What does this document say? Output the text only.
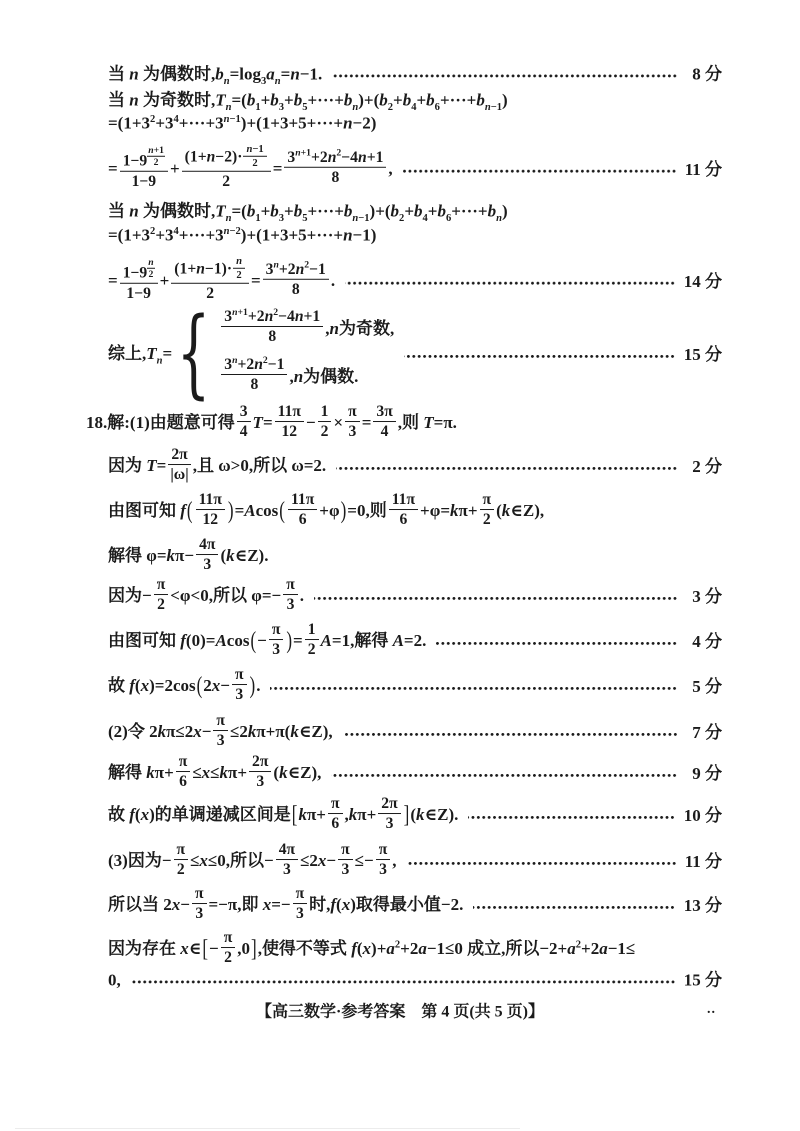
当 n 为偶数时$,b_n=\log_3a_n=n-1$.	8 分
当 n 为奇数时$,T_n=(b_1+b_3+b_5+\cdot\cdot\cdot+b_n)+(b_2+b_4+b_6+\cdot\cdot\cdot+b_{n-1})$
$=(1+3^2+3^4+\cdot\cdot\cdot+3^{n-1})+(1+3+5+\cdot\cdot\cdot+n-2)$
= 1−9 $^{\frac{n+1}{2}}$
$1-9 + \frac{(1+n-2)\cdot \frac{n-1}{2}}{2} = \frac{3^{n+1}+2n^2-4n+1}{8}$ ,	11 分
当 n 为偶数时$,T_n=(b_1+b_3+b_5+\cdot\cdot\cdot+b_{n-1})+(b_2+b_4+b_6+\cdot\cdot\cdot+b_n)$
$=(1+3^2+3^4+\cdot\cdot\cdot+3^{n-2})+(1+3+5+\cdot\cdot\cdot+n-1)$
= 1−9 $^{\frac{n}{2}}$
$1-9 + \frac{(1+n-1)\cdot \frac{n}{2}}{2} = \frac{3^n+2n^2-1}{8}$ .	14 分
综上$,T_n=$ { $3^{n+1}+2n^2-4n+1$
8	, n 为奇数,
$3^n+2n^2-1$
8	, n 为偶数.
15 分
18.解:(1)由题意可得 $\frac{3}{4} T= \frac{11\pi}{12} - \frac{1}{2} \times \frac{\pi}{3} = \frac{3\pi}{4}$ ,则 T=π.
因为 $T= \frac{2\pi}{|\omega|}$ ,且 ω>0,所以 ω=2.	2 分
由图可知 $f( \frac{11\pi}{12} )=Acos( \frac{11\pi}{6} +\varphi)=0$,则 $\frac{11\pi}{6} +\varphi=k\pi+ \frac{\pi}{2}$ (k∈Z),
解得 $\varphi=k\pi- \frac{4\pi}{3}$ (k∈Z).
因为− $\frac{\pi}{2} <\varphi<0$,所以 $\varphi=- \frac{\pi}{3}$ .	3 分
由图可知 $f(0)=Acos(- \frac{\pi}{3}$ )= $\frac{1}{2} A=1$,解得 A=2.	4 分
故 $f(x)=2\cos(2x- \frac{\pi}{3}$ ).	5 分
(2)令 $2k\pi\le 2x- \frac{\pi}{3}$ ≤2kπ+π(k∈Z),	7 分
解得 $k\pi+ \frac{\pi}{6} \le x\le k\pi+ \frac{2\pi}{3}$ (k∈Z),	9 分
故 f(x)的单调递减区间是[$k\pi+ \frac{\pi}{6} ,k\pi+ \frac{2\pi}{3}$ ](k∈Z).	10 分
(3)因为− $\frac{\pi}{2} \le x\le 0$,所以− $\frac{4\pi}{3} \le 2x- \frac{\pi}{3} \le- \frac{\pi}{3}$ ,	11 分
所以当 $2x- \frac{\pi}{3} =-\pi$,即 $x=- \frac{\pi}{3}$ 时,f(x)取得最小值−2.	13 分
因为存在 x∈[− $\frac{\pi}{2} ,0$],使得不等式 $f(x)+a^2+2a-1\le 0$ 成立,所以$-2+a^2+2a-1\le$
0,	15 分
【高三数学·参考答案　第 4 页(共 5 页)】	..
